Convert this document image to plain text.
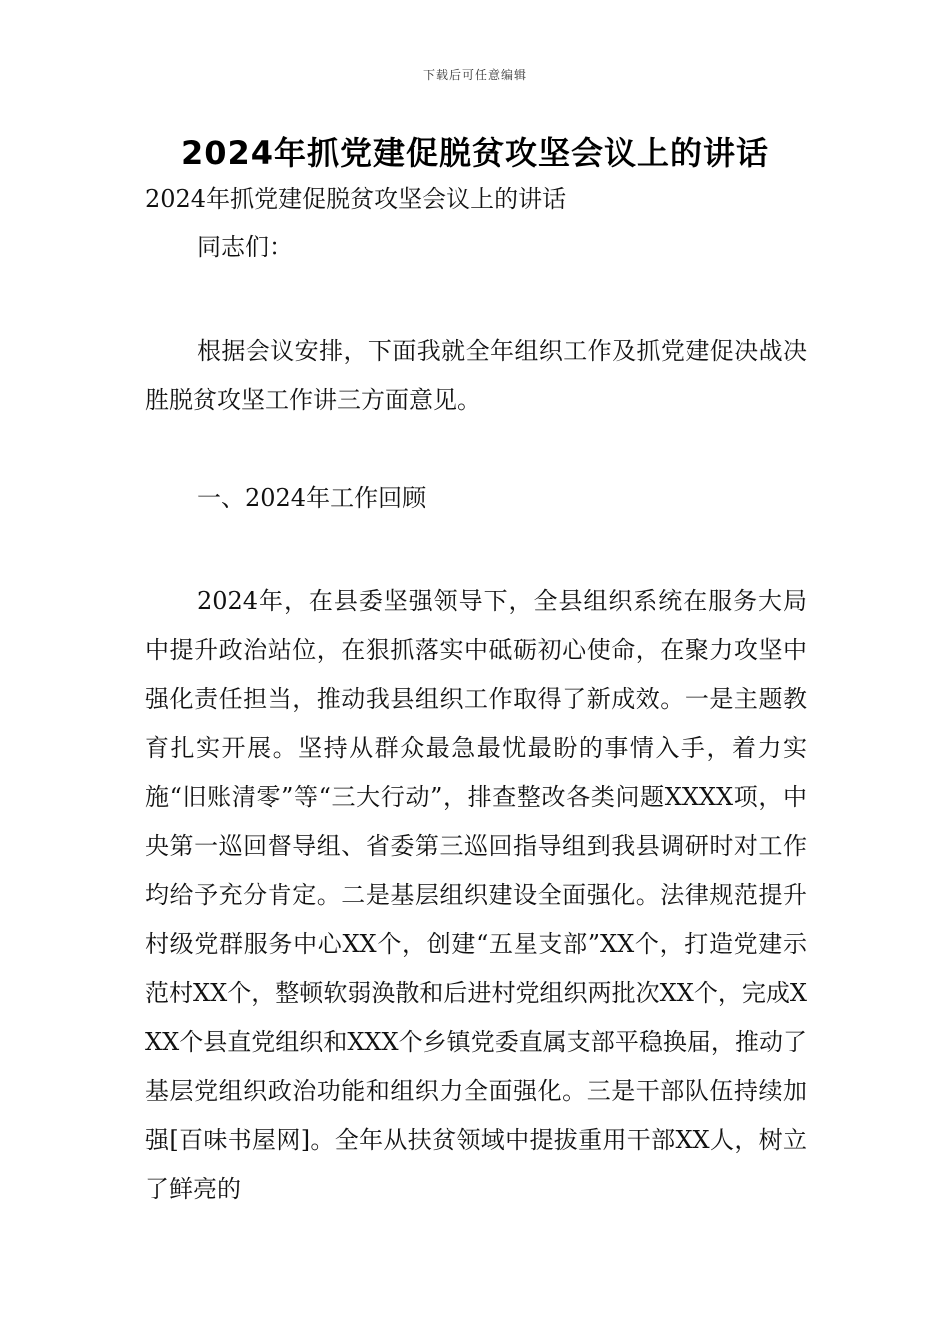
下载后可任意编辑
2024年抓党建促脱贫攻坚会议上的讲话
2024年抓党建促脱贫攻坚会议上的讲话
同志们：
根据会议安排，下面我就全年组织工作及抓党建促决战决胜脱贫攻坚工作讲三方面意见。
一、2024年工作回顾
2024年，在县委坚强领导下，全县组织系统在服务大局中提升政治站位，在狠抓落实中砥砺初心使命，在聚力攻坚中强化责任担当，推动我县组织工作取得了新成效。一是主题教育扎实开展。坚持从群众最急最忧最盼的事情入手，着力实施“旧账清零”等“三大行动”，排查整改各类问题XXXX项，中央第一巡回督导组、省委第三巡回指导组到我县调研时对工作均给予充分肯定。二是基层组织建设全面强化。法律规范提升村级党群服务中心XX个，创建“五星支部”XX个，打造党建示范村XX个，整顿软弱涣散和后进村党组织两批次XX个，完成XXX个县直党组织和XXX个乡镇党委直属支部平稳换届，推动了基层党组织政治功能和组织力全面强化。三是干部队伍持续加强[百味书屋网]。全年从扶贫领域中提拔重用干部XX人，树立了鲜亮的
